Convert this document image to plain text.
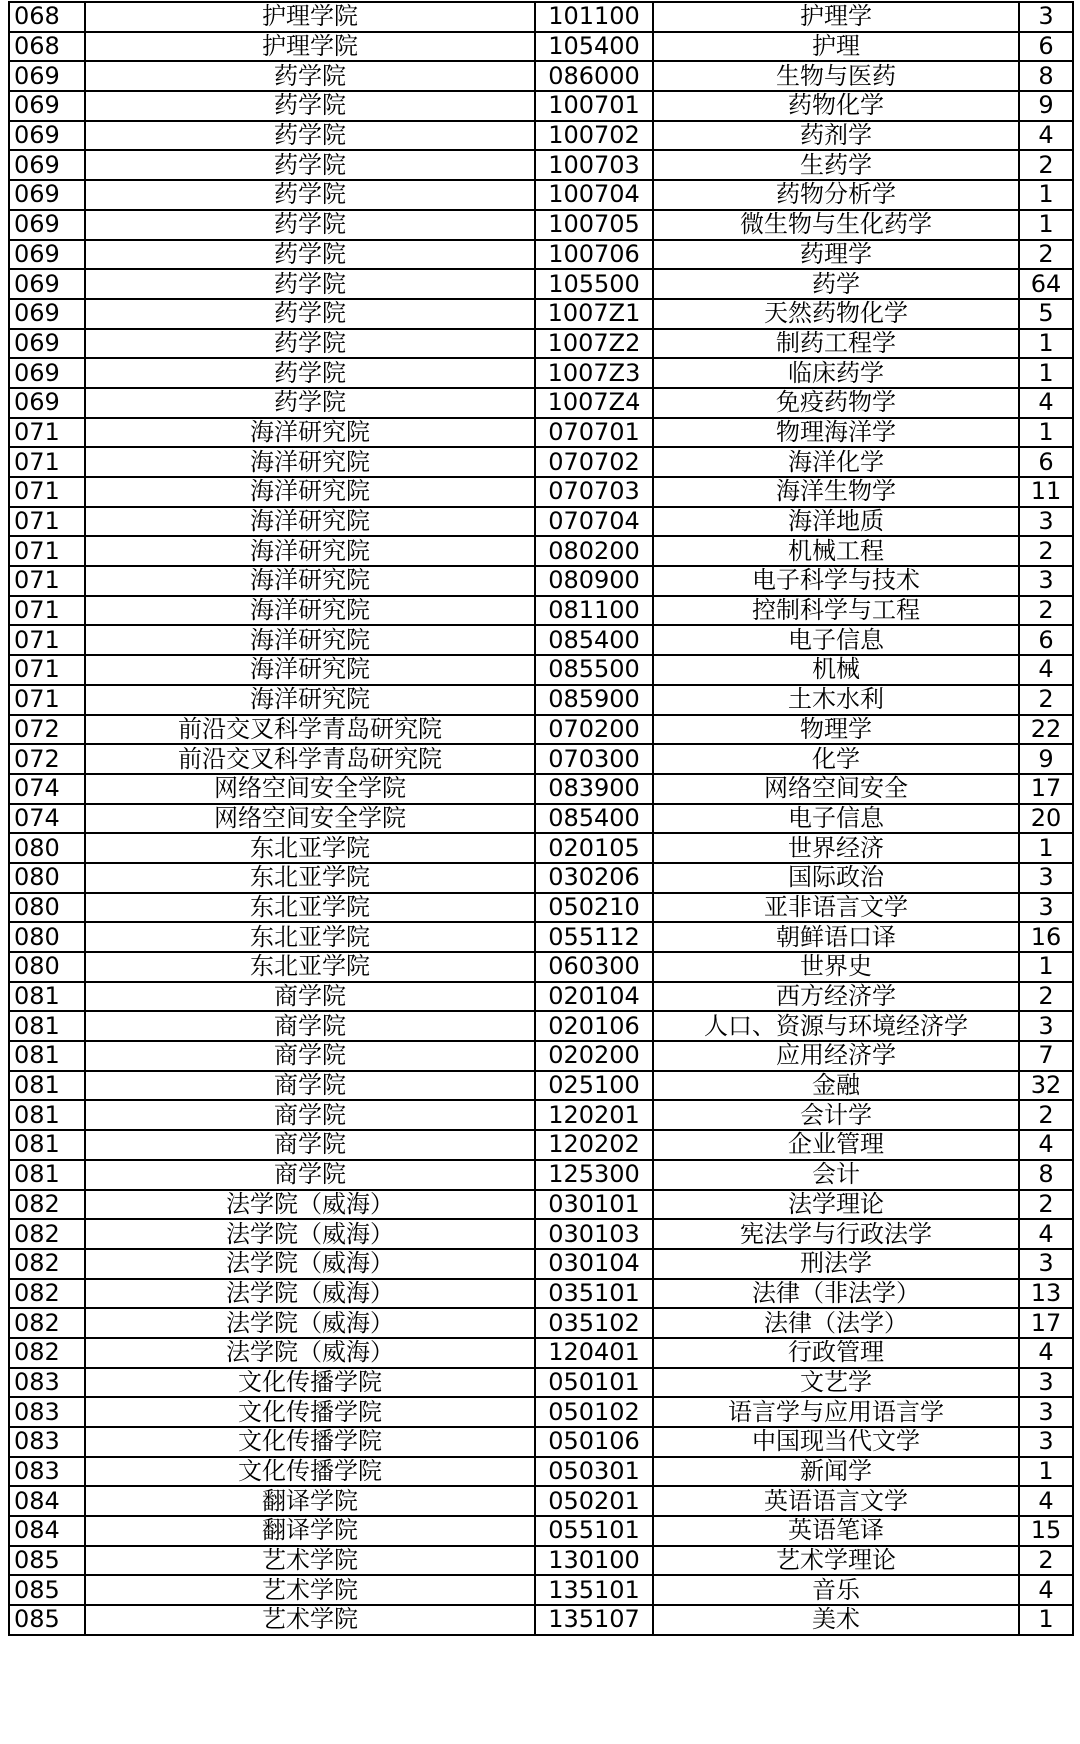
068	护理学院	101100	护理学	3
068	护理学院	105400	护理	6
069	药学院	086000	生物与医药	8
069	药学院	100701	药物化学	9
069	药学院	100702	药剂学	4
069	药学院	100703	生药学	2
069	药学院	100704	药物分析学	1
069	药学院	100705	微生物与生化药学	1
069	药学院	100706	药理学	2
069	药学院	105500	药学	64
069	药学院	1007Z1	天然药物化学	5
069	药学院	1007Z2	制药工程学	1
069	药学院	1007Z3	临床药学	1
069	药学院	1007Z4	免疫药物学	4
071	海洋研究院	070701	物理海洋学	1
071	海洋研究院	070702	海洋化学	6
071	海洋研究院	070703	海洋生物学	11
071	海洋研究院	070704	海洋地质	3
071	海洋研究院	080200	机械工程	2
071	海洋研究院	080900	电子科学与技术	3
071	海洋研究院	081100	控制科学与工程	2
071	海洋研究院	085400	电子信息	6
071	海洋研究院	085500	机械	4
071	海洋研究院	085900	土木水利	2
072	前沿交叉科学青岛研究院	070200	物理学	22
072	前沿交叉科学青岛研究院	070300	化学	9
074	网络空间安全学院	083900	网络空间安全	17
074	网络空间安全学院	085400	电子信息	20
080	东北亚学院	020105	世界经济	1
080	东北亚学院	030206	国际政治	3
080	东北亚学院	050210	亚非语言文学	3
080	东北亚学院	055112	朝鲜语口译	16
080	东北亚学院	060300	世界史	1
081	商学院	020104	西方经济学	2
081	商学院	020106	人口、资源与环境经济学	3
081	商学院	020200	应用经济学	7
081	商学院	025100	金融	32
081	商学院	120201	会计学	2
081	商学院	120202	企业管理	4
081	商学院	125300	会计	8
082	法学院（威海）	030101	法学理论	2
082	法学院（威海）	030103	宪法学与行政法学	4
082	法学院（威海）	030104	刑法学	3
082	法学院（威海）	035101	法律（非法学）	13
082	法学院（威海）	035102	法律（法学）	17
082	法学院（威海）	120401	行政管理	4
083	文化传播学院	050101	文艺学	3
083	文化传播学院	050102	语言学与应用语言学	3
083	文化传播学院	050106	中国现当代文学	3
083	文化传播学院	050301	新闻学	1
084	翻译学院	050201	英语语言文学	4
084	翻译学院	055101	英语笔译	15
085	艺术学院	130100	艺术学理论	2
085	艺术学院	135101	音乐	4
085	艺术学院	135107	美术	1
